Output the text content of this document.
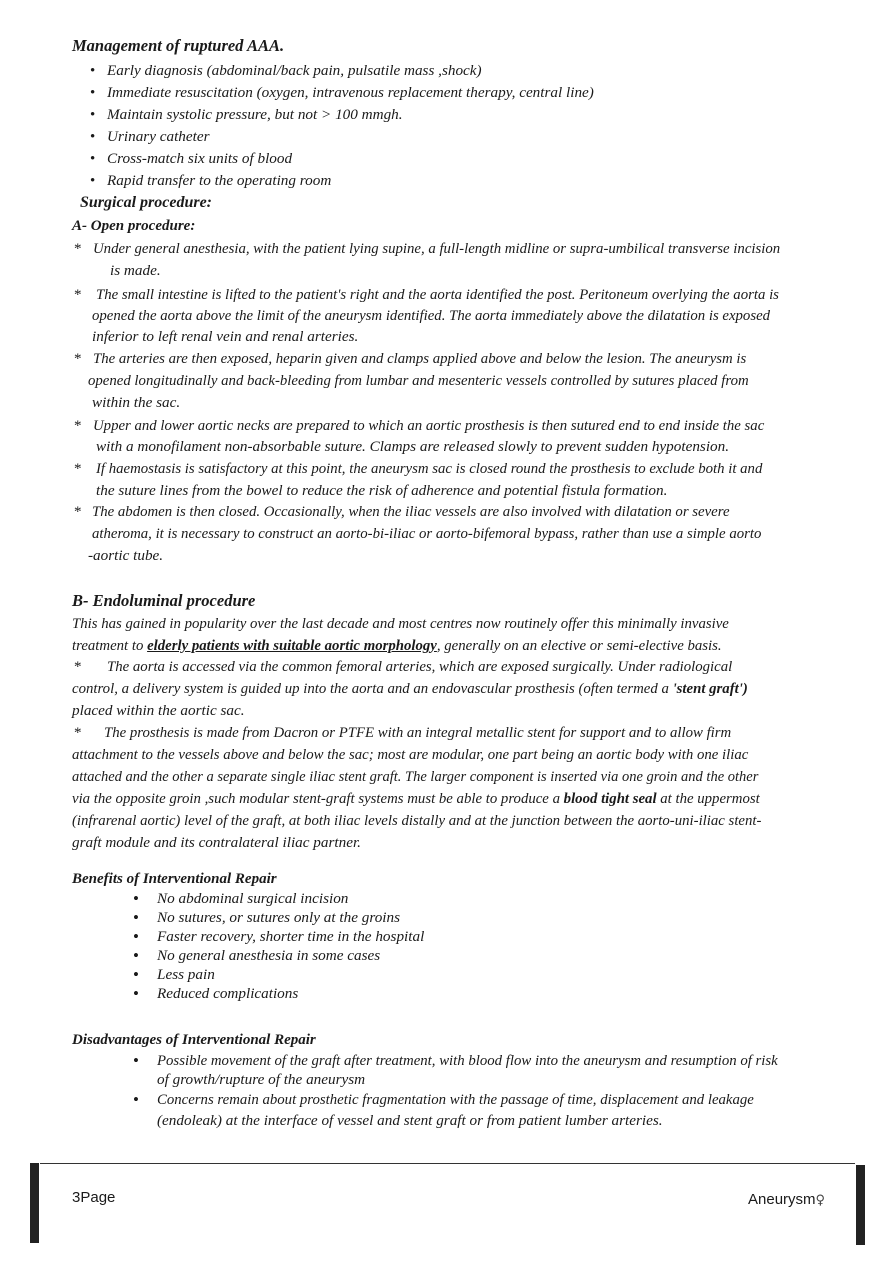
Management of ruptured AAA.
• Early diagnosis (abdominal/back pain, pulsatile mass ,shock)
• Immediate resuscitation (oxygen, intravenous replacement therapy, central line)
• Maintain systolic pressure, but not > 100 mmgh.
• Urinary catheter
• Cross-match six units of blood
• Rapid transfer to the operating room
Surgical procedure:
A- Open procedure:
* Under general anesthesia, with the patient lying supine, a full-length midline or supra-umbilical transverse incision
is made.
* The small intestine is lifted to the patient's right and the aorta identified the post. Peritoneum overlying the aorta is
opened the aorta above the limit of the aneurysm identified. The aorta immediately above the dilatation is exposed
inferior to left renal vein and renal arteries.
* The arteries are then exposed, heparin given and clamps applied above and below the lesion. The aneurysm is
opened longitudinally and back-bleeding from lumbar and mesenteric vessels controlled by sutures placed from
within the sac.
* Upper and lower aortic necks are prepared to which an aortic prosthesis is then sutured end to end inside the sac
with a monofilament non-absorbable suture. Clamps are released slowly to prevent sudden hypotension.
* If haemostasis is satisfactory at this point, the aneurysm sac is closed round the prosthesis to exclude both it and
the suture lines from the bowel to reduce the risk of adherence and potential fistula formation.
* The abdomen is then closed. Occasionally, when the iliac vessels are also involved with dilatation or severe
atheroma, it is necessary to construct an aorto-bi-iliac or aorto-bifemoral bypass, rather than use a simple aorto
-aortic tube.
B- Endoluminal procedure
This has gained in popularity over the last decade and most centres now routinely offer this minimally invasive
treatment to elderly patients with suitable aortic morphology, generally on an elective or semi-elective basis.
* The aorta is accessed via the common femoral arteries, which are exposed surgically. Under radiological
control, a delivery system is guided up into the aorta and an endovascular prosthesis (often termed a 'stent graft')
placed within the aortic sac.
* The prosthesis is made from Dacron or PTFE with an integral metallic stent for support and to allow firm
attachment to the vessels above and below the sac; most are modular, one part being an aortic body with one iliac
attached and the other a separate single iliac stent graft. The larger component is inserted via one groin and the other
via the opposite groin ,such modular stent-graft systems must be able to produce a blood tight seal at the uppermost
(infrarenal aortic) level of the graft, at both iliac levels distally and at the junction between the aorto-uni-iliac stent-
graft module and its contralateral iliac partner.
Benefits of Interventional Repair
• No abdominal surgical incision
• No sutures, or sutures only at the groins
• Faster recovery, shorter time in the hospital
• No general anesthesia in some cases
• Less pain
• Reduced complications
Disadvantages of Interventional Repair
• Possible movement of the graft after treatment, with blood flow into the aneurysm and resumption of risk
of growth/rupture of the aneurysm
• Concerns remain about prosthetic fragmentation with the passage of time, displacement and leakage
(endoleak) at the interface of vessel and stent graft or from patient lumber arteries.
3Page	Aneurysm♀
